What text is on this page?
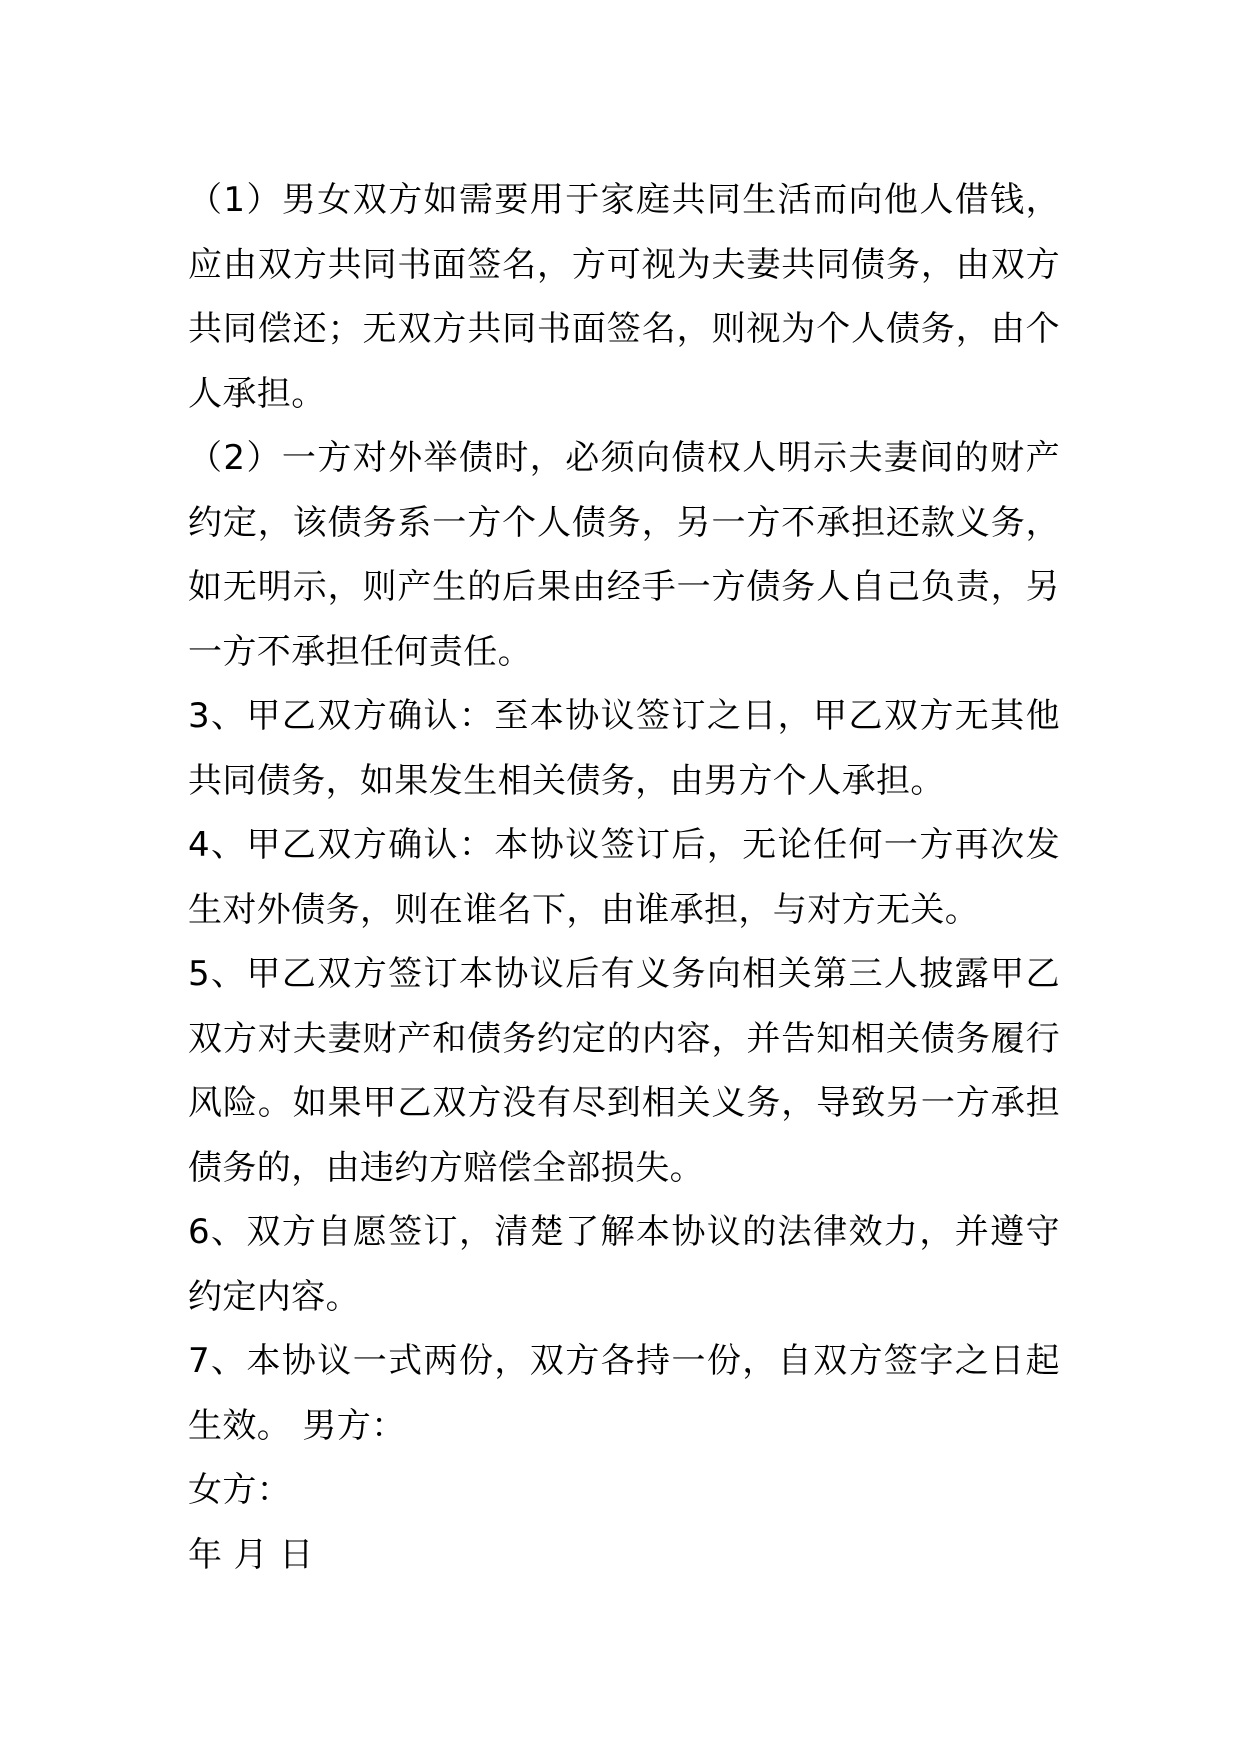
（1）男女双方如需要用于家庭共同生活而向他人借钱，应由双方共同书面签名，方可视为夫妻共同债务，由双方共同偿还；无双方共同书面签名，则视为个人债务，由个人承担。

（2）一方对外举债时，必须向债权人明示夫妻间的财产约定，该债务系一方个人债务，另一方不承担还款义务，如无明示，则产生的后果由经手一方债务人自己负责，另一方不承担任何责任。

3、甲乙双方确认：至本协议签订之日，甲乙双方无其他共同债务，如果发生相关债务，由男方个人承担。

4、甲乙双方确认：本协议签订后，无论任何一方再次发生对外债务，则在谁名下，由谁承担，与对方无关。

5、甲乙双方签订本协议后有义务向相关第三人披露甲乙双方对夫妻财产和债务约定的内容，并告知相关债务履行风险。如果甲乙双方没有尽到相关义务，导致另一方承担债务的，由违约方赔偿全部损失。

6、双方自愿签订，清楚了解本协议的法律效力，并遵守约定内容。

7、本协议一式两份，双方各持一份，自双方签字之日起生效。 男方：

女方：

年 月 日
